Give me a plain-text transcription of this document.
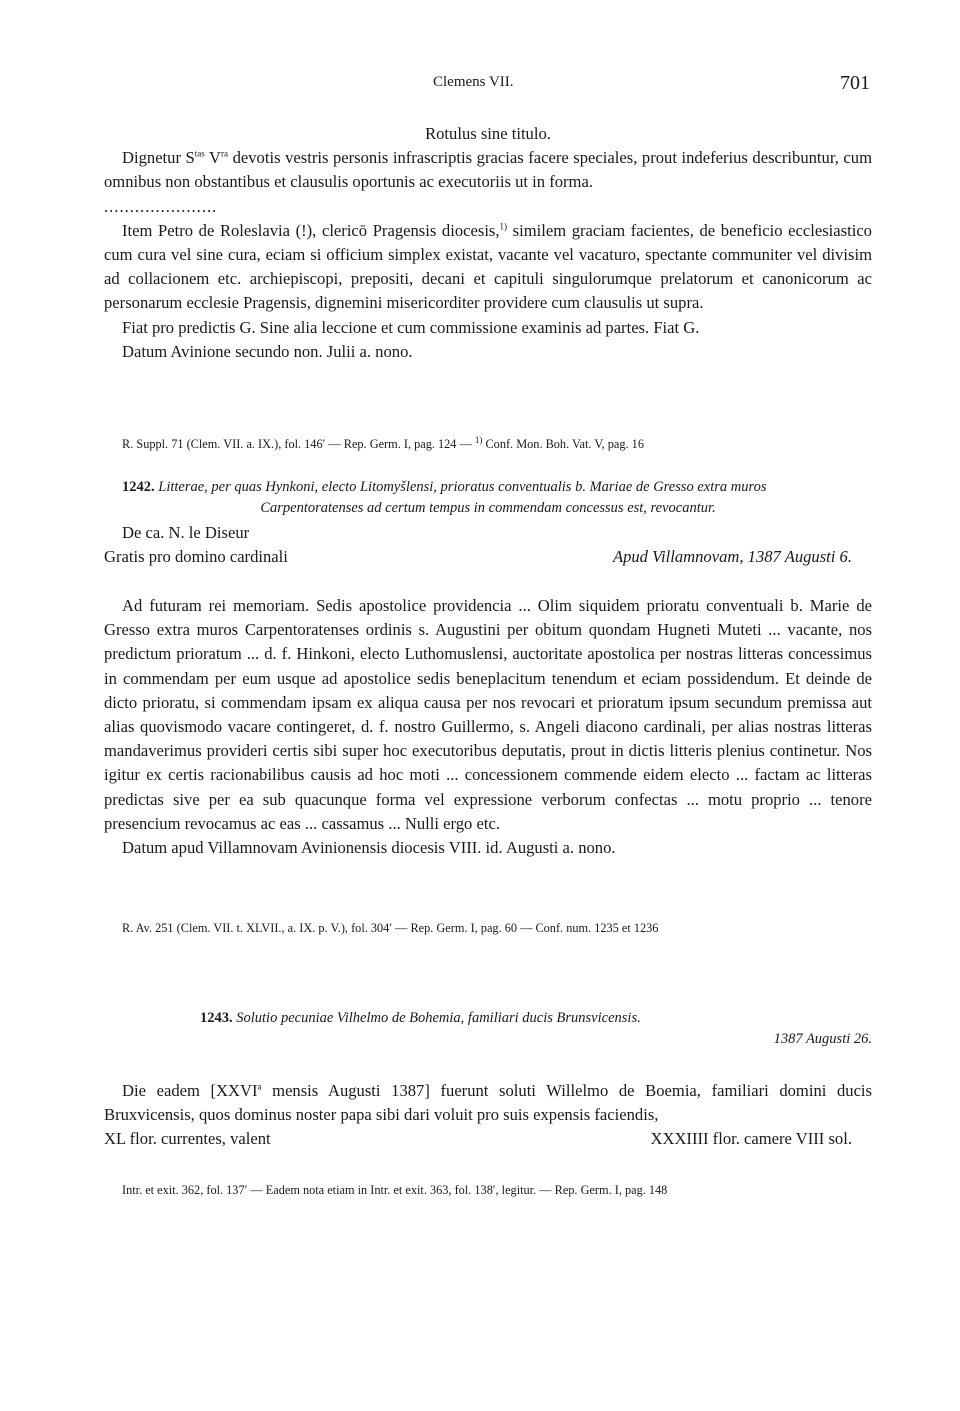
Clemens VII.	701

Rotulus sine titulo.

Dignetur $S^{tas}$ $V^{ra}$ devotis vestris personis infrascriptis gracias facere speciales, prout indeferius describuntur, cum omnibus non obstantibus et clausulis oportunis ac executoriis ut in forma.

......................

Item Petro de Roleslavia (!), clericō Pragensis diocesis,$^{1)}$ similem graciam facientes, de beneficio ecclesiastico cum cura vel sine cura, eciam si officium simplex existat, vacante vel vacaturo, spectante communiter vel divisim ad collacionem etc. archiepiscopi, prepositi, decani et capituli singulorumque prelatorum et canonicorum ac personarum ecclesie Pragensis, dignemini misericorditer providere cum clausulis ut supra.

Fiat pro predictis G. Sine alia leccione et cum commissione examinis ad partes. Fiat G.

Datum Avinione secundo non. Julii a. nono.

R. Suppl. 71 (Clem. VII. a. IX.), fol. 146′ — Rep. Germ. I, pag. 124 — $^{1)}$ Conf. Mon. Boh. Vat. V, pag. 16

1242. Litterae, per quas Hynkoni, electo Litomyšlensi, prioratus conventualis b. Mariae de Gresso extra muros

Carpentoratenses ad certum tempus in commendam concessus est, revocantur.

De ca. N. le Diseur

Gratis pro domino cardinali	Apud Villamnovam, 1387 Augusti 6.

Ad futuram rei memoriam. Sedis apostolice providencia ... Olim siquidem prioratu conventuali b. Marie de Gresso extra muros Carpentoratenses ordinis s. Augustini per obitum quondam Hugneti Muteti ... vacante, nos predictum prioratum ... d. f. Hinkoni, electo Luthomuslensi, auctoritate apostolica per nostras litteras concessimus in commendam per eum usque ad apostolice sedis beneplacitum tenendum et eciam possidendum. Et deinde de dicto prioratu, si commendam ipsam ex aliqua causa per nos revocari et prioratum ipsum secundum premissa aut alias quovismodo vacare contingeret, d. f. nostro Guillermo, s. Angeli diacono cardinali, per alias nostras litteras mandaverimus provideri certis sibi super hoc executoribus deputatis, prout in dictis litteris plenius continetur. Nos igitur ex certis racionabilibus causis ad hoc moti ... concessionem commende eidem electo ... factam ac litteras predictas sive per ea sub quacunque forma vel expressione verborum confectas ... motu proprio ... tenore presencium revocamus ac eas ... cassamus ... Nulli ergo etc.

Datum apud Villamnovam Avinionensis diocesis VIII. id. Augusti a. nono.

R. Av. 251 (Clem. VII. t. XLVII., a. IX. p. V.), fol. 304′ — Rep. Germ. I, pag. 60 — Conf. num. 1235 et 1236

1243. Solutio pecuniae Vilhelmo de Bohemia, familiari ducis Brunsvicensis.

1387 Augusti 26.

Die eadem [XXVI$^a$ mensis Augusti 1387] fuerunt soluti Willelmo de Boemia, familiari domini ducis Bruxvicensis, quos dominus noster papa sibi dari voluit pro suis expensis faciendis,

XL flor. currentes, valent	XXXIIII flor. camere VIII sol.

Intr. et exit. 362, fol. 137′ — Eadem nota etiam in Intr. et exit. 363, fol. 138′, legitur. — Rep. Germ. I, pag. 148
